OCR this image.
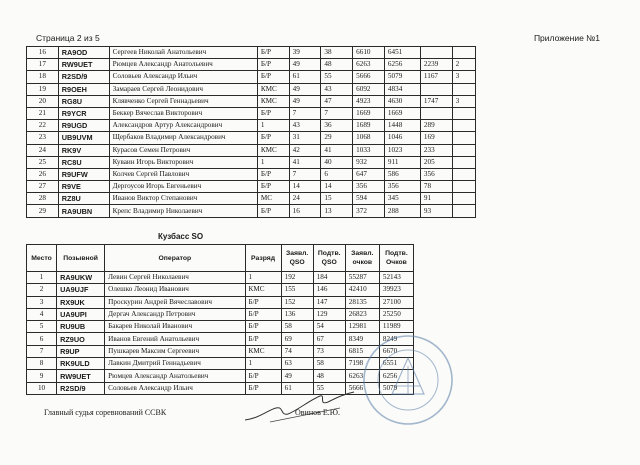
Страница 2 из 5	Приложение №1
16	RA9OD	Сергеев Николай Анатольевич	Б/Р	39	38	6610	6451		
17	RW9UET	Рюмцев Александр Анатольевич	Б/Р	49	48	6263	6256	2239	2
18	R2SD/9	Соловьев Александр Ильич	Б/Р	61	55	5666	5079	1167	3
19	R9OEH	Замараев Сергей Леонидович	КМС	49	43	6092	4834		
20	RG8U	Клявченко Сергей Геннадьевич	КМС	49	47	4923	4630	1747	3
21	R9YCR	Беккер Вячеслав Викторович	Б/Р	7	7	1669	1669		
22	R9UGD	Александров Артур Александрович	1	43	36	1689	1448	289	
23	UB9UVM	Щербаков Владимир Александрович	Б/Р	31	29	1068	1046	169	
24	RK9V	Курасов Семен Петрович	КМС	42	41	1033	1023	233	
25	RC8U	Куваин Игорь Викторович	1	41	40	932	911	205	
26	R9UFW	Колчев Сергей Павлович	Б/Р	7	6	647	586	356	
27	R9VE	Дергоусов Игорь Евгеньевич	Б/Р	14	14	356	356	78	
28	RZ8U	Иванов Виктор Степанович	МС	24	15	594	345	91	
29	RA9UBN	Крепс Владимир Николаевич	Б/Р	16	13	372	288	93	
Кузбасс SO
Место	Позывной	Оператор	Разряд	Заявл. QSO	Подтв. QSO	Заявл. очков	Подтв. Очков
1	RA9UKW	Левин Сергей Николаевич	1	192	184	55287	52143
2	UA9UJF	Олешко Леонид Иванович	КМС	155	146	42410	39923
3	RX9UK	Проскурин Андрей Вячеславович	Б/Р	152	147	28135	27100
4	UA9UPI	Дергач Александр Петрович	Б/Р	136	129	26823	25250
5	RU9UB	Бакарев Николай Иванович	Б/Р	58	54	12981	11989
6	RZ9UO	Иванов Евгений Анатольевич	Б/Р	69	67	8349	8249
7	R9UP	Пушкарев Максим Сергеевич	КМС	74	73	6815	6670
8	RK9ULD	Лавкин Дмитрий Геннадьевич	1	63	58	7198	6551
9	RW9UET	Рюмцев Александр Анатольевич	Б/Р	49	48	6263	6256
10	R2SD/9	Соловьев Александр Ильич	Б/Р	61	55	5666	5079
Главный судья соревнований ССВК	Овинов Е.Ю.
